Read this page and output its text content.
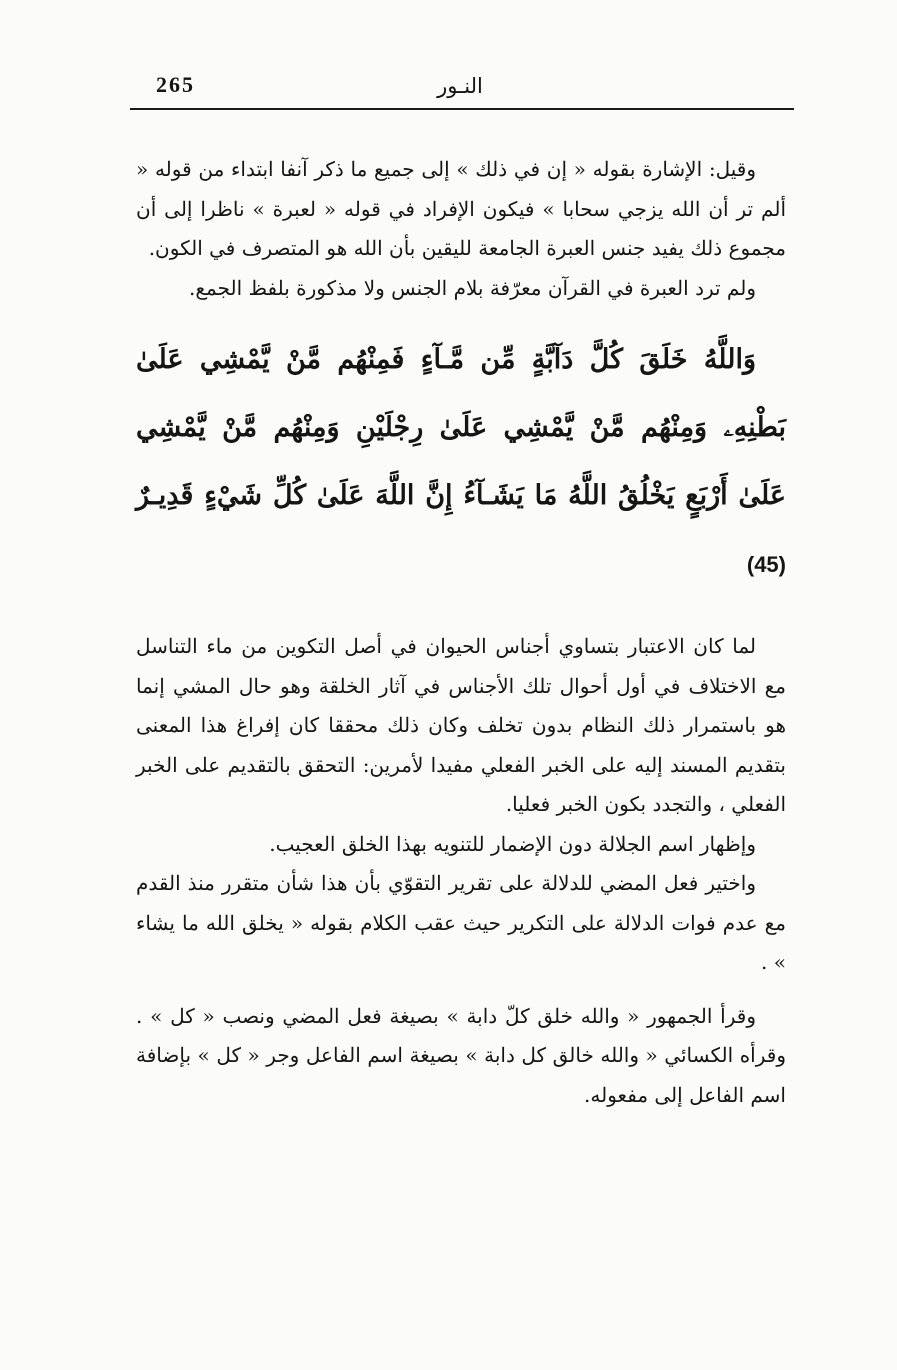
265	النـور

وقيل: الإشارة بقوله « إن في ذلك » إلى جميع ما ذكر آنفا ابتداء من قوله « ألم تر أن الله يزجي سحابا » فيكون الإفراد في قوله « لعبرة » ناظرا إلى أن مجموع ذلك يفيد جنس العبرة الجامعة لليقين بأن الله هو المتصرف في الكون.

ولم ترد العبرة في القرآن معرّفة بلام الجنس ولا مذكورة بلفظ الجمع.

وَاللَّهُ خَلَقَ كُلَّ دَآبَّةٍ مِّن مَّـآءٍ فَمِنْهُم مَّنْ يَّمْشِي عَلَىٰ بَطْنِهِۦ وَمِنْهُم مَّنْ يَّمْشِي عَلَىٰ رِجْلَيْنِ وَمِنْهُم مَّنْ يَّمْشِي عَلَىٰ أَرْبَعٍ يَخْلُقُ اللَّهُ مَا يَشَـآءُ إِنَّ اللَّهَ عَلَىٰ كُلِّ شَيْءٍ قَدِيـرٌ (45)

لما كان الاعتبار بتساوي أجناس الحيوان في أصل التكوين من ماء التناسل مع الاختلاف في أول أحوال تلك الأجناس في آثار الخلقة وهو حال المشي إنما هو باستمرار ذلك النظام بدون تخلف وكان ذلك محققا كان إفراغ هذا المعنى بتقديم المسند إليه على الخبر الفعلي مفيدا لأمرين: التحقق بالتقديم على الخبر الفعلي ، والتجدد بكون الخبر فعليا.

وإظهار اسم الجلالة دون الإضمار للتنويه بهذا الخلق العجيب.

واختير فعل المضي للدلالة على تقرير التقوّي بأن هذا شأن متقرر منذ القدم مع عدم فوات الدلالة على التكرير حيث عقب الكلام بقوله « يخلق الله ما يشاء » .

وقرأ الجمهور « والله خلق كلّ دابة » بصيغة فعل المضي ونصب « كل » . وقرأه الكسائي « والله خالق كل دابة » بصيغة اسم الفاعل وجر « كل » بإضافة اسم الفاعل إلى مفعوله.
